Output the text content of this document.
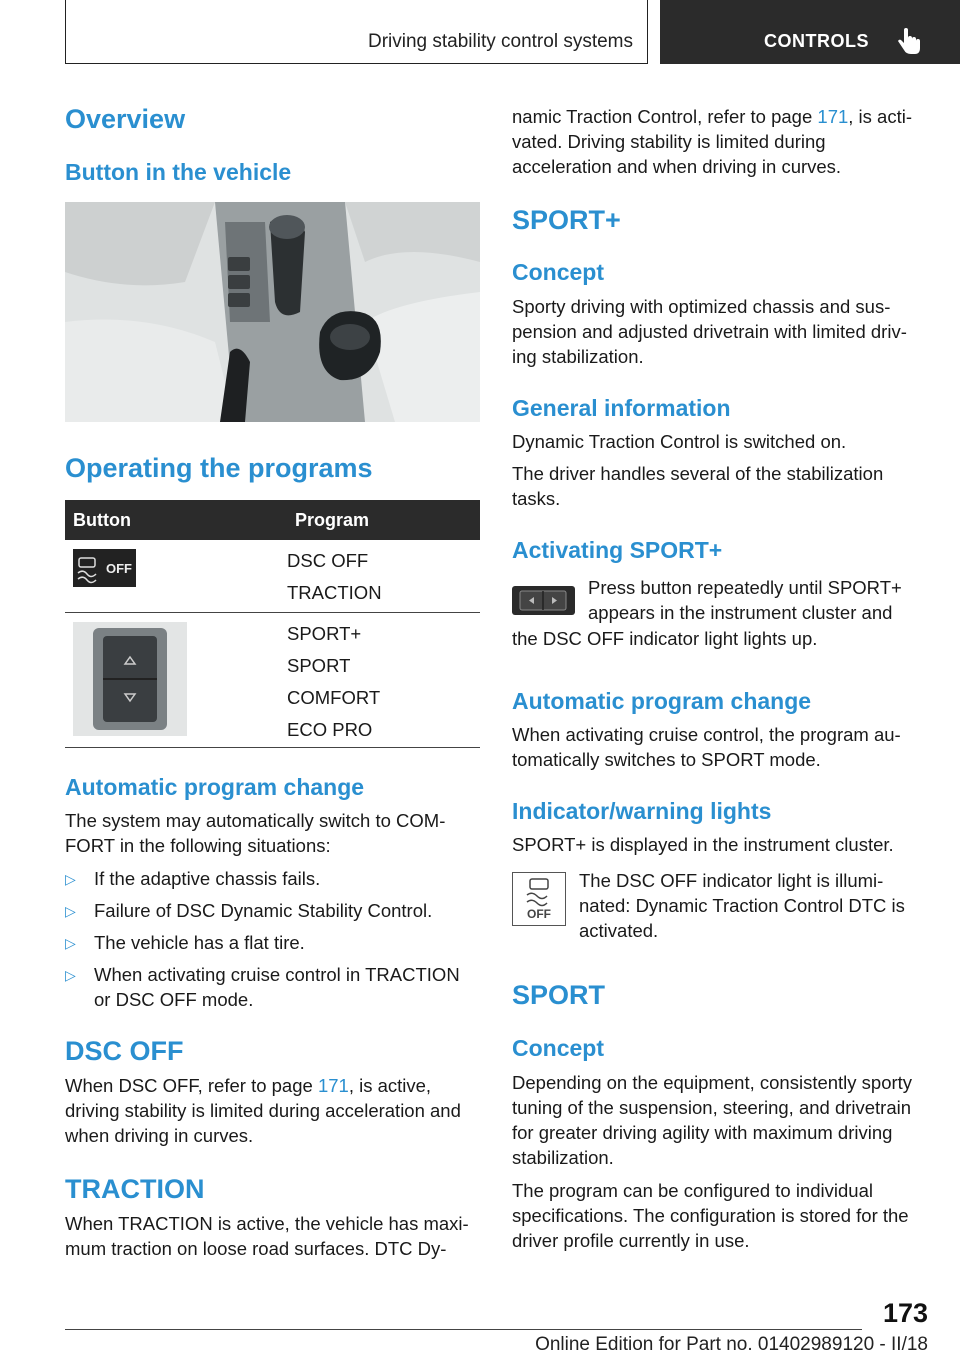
Driving stability control systems	CONTROLS
Overview
Button in the vehicle
Operating the programs
Button	Program

OFF	DSC OFF
TRACTION

SPORT+
SPORT
COMFORT
ECO PRO
Automatic program change
The system may automatically switch to COM-FORT in the following situations:
▷ If the adaptive chassis fails.
▷ Failure of DSC Dynamic Stability Control.
▷ The vehicle has a flat tire.
▷ When activating cruise control in TRACTION or DSC OFF mode.
DSC OFF
When DSC OFF, refer to page 171, is active, driving stability is limited during acceleration and when driving in curves.
TRACTION
When TRACTION is active, the vehicle has maxi-mum traction on loose road surfaces. DTC Dy-
namic Traction Control, refer to page 171, is acti-vated. Driving stability is limited during acceleration and when driving in curves.
SPORT+
Concept
Sporty driving with optimized chassis and sus-pension and adjusted drivetrain with limited driv-ing stabilization.
General information
Dynamic Traction Control is switched on.
The driver handles several of the stabilization tasks.
Activating SPORT+
Press button repeatedly until SPORT+ appears in the instrument cluster and
the DSC OFF indicator light lights up.
Automatic program change
When activating cruise control, the program au-tomatically switches to SPORT mode.
Indicator/warning lights
SPORT+ is displayed in the instrument cluster.
OFF
The DSC OFF indicator light is illumi-nated: Dynamic Traction Control DTC is activated.
SPORT
Concept
Depending on the equipment, consistently sporty tuning of the suspension, steering, and drivetrain for greater driving agility with maximum driving stabilization.
The program can be configured to individual specifications. The configuration is stored for the driver profile currently in use.
173
Online Edition for Part no. 01402989120 - II/18
